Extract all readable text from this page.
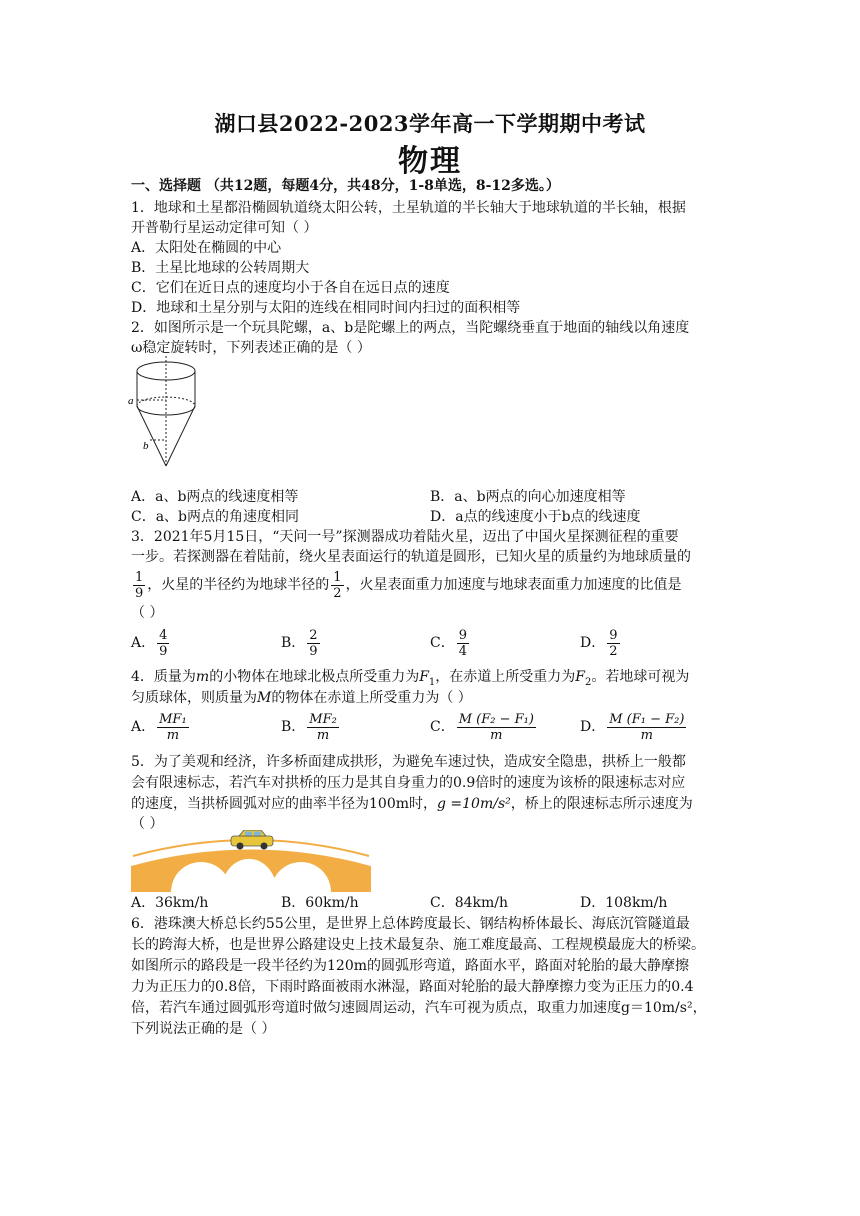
湖口县2022-2023学年高一下学期期中考试
物理
一、选择题 （共12题，每题4分，共48分，1-8单选，8-12多选。）
1．地球和土星都沿椭圆轨道绕太阳公转，土星轨道的半长轴大于地球轨道的半长轴，根据
开普勒行星运动定律可知（ ）
A．太阳处在椭圆的中心
B．土星比地球的公转周期大
C．它们在近日点的速度均小于各自在远日点的速度
D．地球和土星分别与太阳的连线在相同时间内扫过的面积相等
2．如图所示是一个玩具陀螺，a、b是陀螺上的两点，当陀螺绕垂直于地面的轴线以角速度
ω稳定旋转时，下列表述正确的是（ ）
a
b
A．a、b两点的线速度相等	B．a、b两点的向心加速度相等
C．a、b两点的角速度相同	D．a点的线速度小于b点的线速度
3．2021年5月15日，“天问一号”探测器成功着陆火星，迈出了中国火星探测征程的重要
一步。若探测器在着陆前，绕火星表面运行的轨道是圆形，已知火星的质量约为地球质量的
$\frac{1}{9}$ ，火星的半径约为地球半径的 $\frac{1}{2}$ ，火星表面重力加速度与地球表面重力加速度的比值是
（ ）
A． $\frac{4}{9}$	B． $\frac{2}{9}$	C． $\frac{9}{4}$	D． $\frac{9}{2}$
4．质量为m的小物体在地球北极点所受重力为$F_1$，在赤道上所受重力为$F_2$。若地球可视为
匀质球体，则质量为M的物体在赤道上所受重力为（ ）
A． $\frac{\text{MF₁}}{m}$	B． $\frac{\text{MF₂}}{m}$	C． $\frac{\text{M (F₂ − F₁)}}{m}$	D． $\frac{\text{M (F₁ − F₂)}}{m}$
5．为了美观和经济，许多桥面建成拱形，为避免车速过快，造成安全隐患，拱桥上一般都
会有限速标志，若汽车对拱桥的压力是其自身重力的0.9倍时的速度为该桥的限速标志对应
的速度，当拱桥圆弧对应的曲率半径为100m时，g =10m/s²，桥上的限速标志所示速度为
（ ）
A．36km/h	B．60km/h	C．84km/h	D．108km/h
6．港珠澳大桥总长约55公里，是世界上总体跨度最长、钢结构桥体最长、海底沉管隧道最
长的跨海大桥，也是世界公路建设史上技术最复杂、施工难度最高、工程规模最庞大的桥梁。
如图所示的路段是一段半径约为120m的圆弧形弯道，路面水平，路面对轮胎的最大静摩擦
力为正压力的0.8倍，下雨时路面被雨水淋湿，路面对轮胎的最大静摩擦力变为正压力的0.4
倍，若汽车通过圆弧形弯道时做匀速圆周运动，汽车可视为质点，取重力加速度g＝10m/s²，
下列说法正确的是（ ）
